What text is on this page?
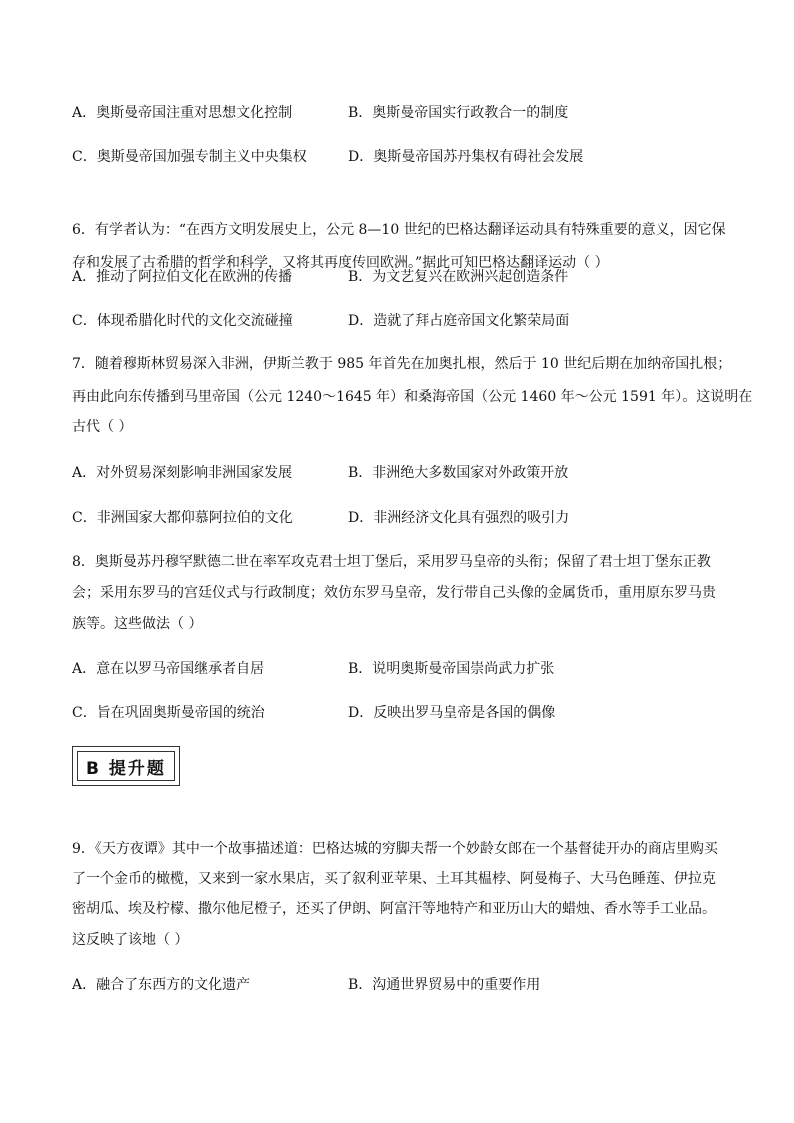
A．奥斯曼帝国注重对思想文化控制	B．奥斯曼帝国实行政教合一的制度
C．奥斯曼帝国加强专制主义中央集权	D．奥斯曼帝国苏丹集权有碍社会发展
6．有学者认为：“在西方文明发展史上，公元 8—10 世纪的巴格达翻译运动具有特殊重要的意义，因它保
存和发展了古希腊的哲学和科学，又将其再度传回欧洲。”据此可知巴格达翻译运动（ ）
A．推动了阿拉伯文化在欧洲的传播	B．为文艺复兴在欧洲兴起创造条件
C．体现希腊化时代的文化交流碰撞	D．造就了拜占庭帝国文化繁荣局面
7．随着穆斯林贸易深入非洲，伊斯兰教于 985 年首先在加奥扎根，然后于 10 世纪后期在加纳帝国扎根；
再由此向东传播到马里帝国（公元 1240～1645 年）和桑海帝国（公元 1460 年～公元 1591 年）。这说明在
古代（ ）
A．对外贸易深刻影响非洲国家发展	B．非洲绝大多数国家对外政策开放
C．非洲国家大都仰慕阿拉伯的文化	D．非洲经济文化具有强烈的吸引力
8．奥斯曼苏丹穆罕默德二世在率军攻克君士坦丁堡后，采用罗马皇帝的头衔；保留了君士坦丁堡东正教
会；采用东罗马的宫廷仪式与行政制度；效仿东罗马皇帝，发行带自己头像的金属货币，重用原东罗马贵
族等。这些做法（ ）
A．意在以罗马帝国继承者自居	B．说明奥斯曼帝国崇尚武力扩张
C．旨在巩固奥斯曼帝国的统治	D．反映出罗马皇帝是各国的偶像
B 提升题
9．《天方夜谭》其中一个故事描述道：巴格达城的穷脚夫帮一个妙龄女郎在一个基督徒开办的商店里购买
了一个金币的橄榄，又来到一家水果店，买了叙利亚苹果、土耳其榅桲、阿曼梅子、大马色睡莲、伊拉克
密胡瓜、埃及柠檬、撒尔他尼橙子，还买了伊朗、阿富汗等地特产和亚历山大的蜡烛、香水等手工业品。
这反映了该地（ ）
A．融合了东西方的文化遗产	B．沟通世界贸易中的重要作用
